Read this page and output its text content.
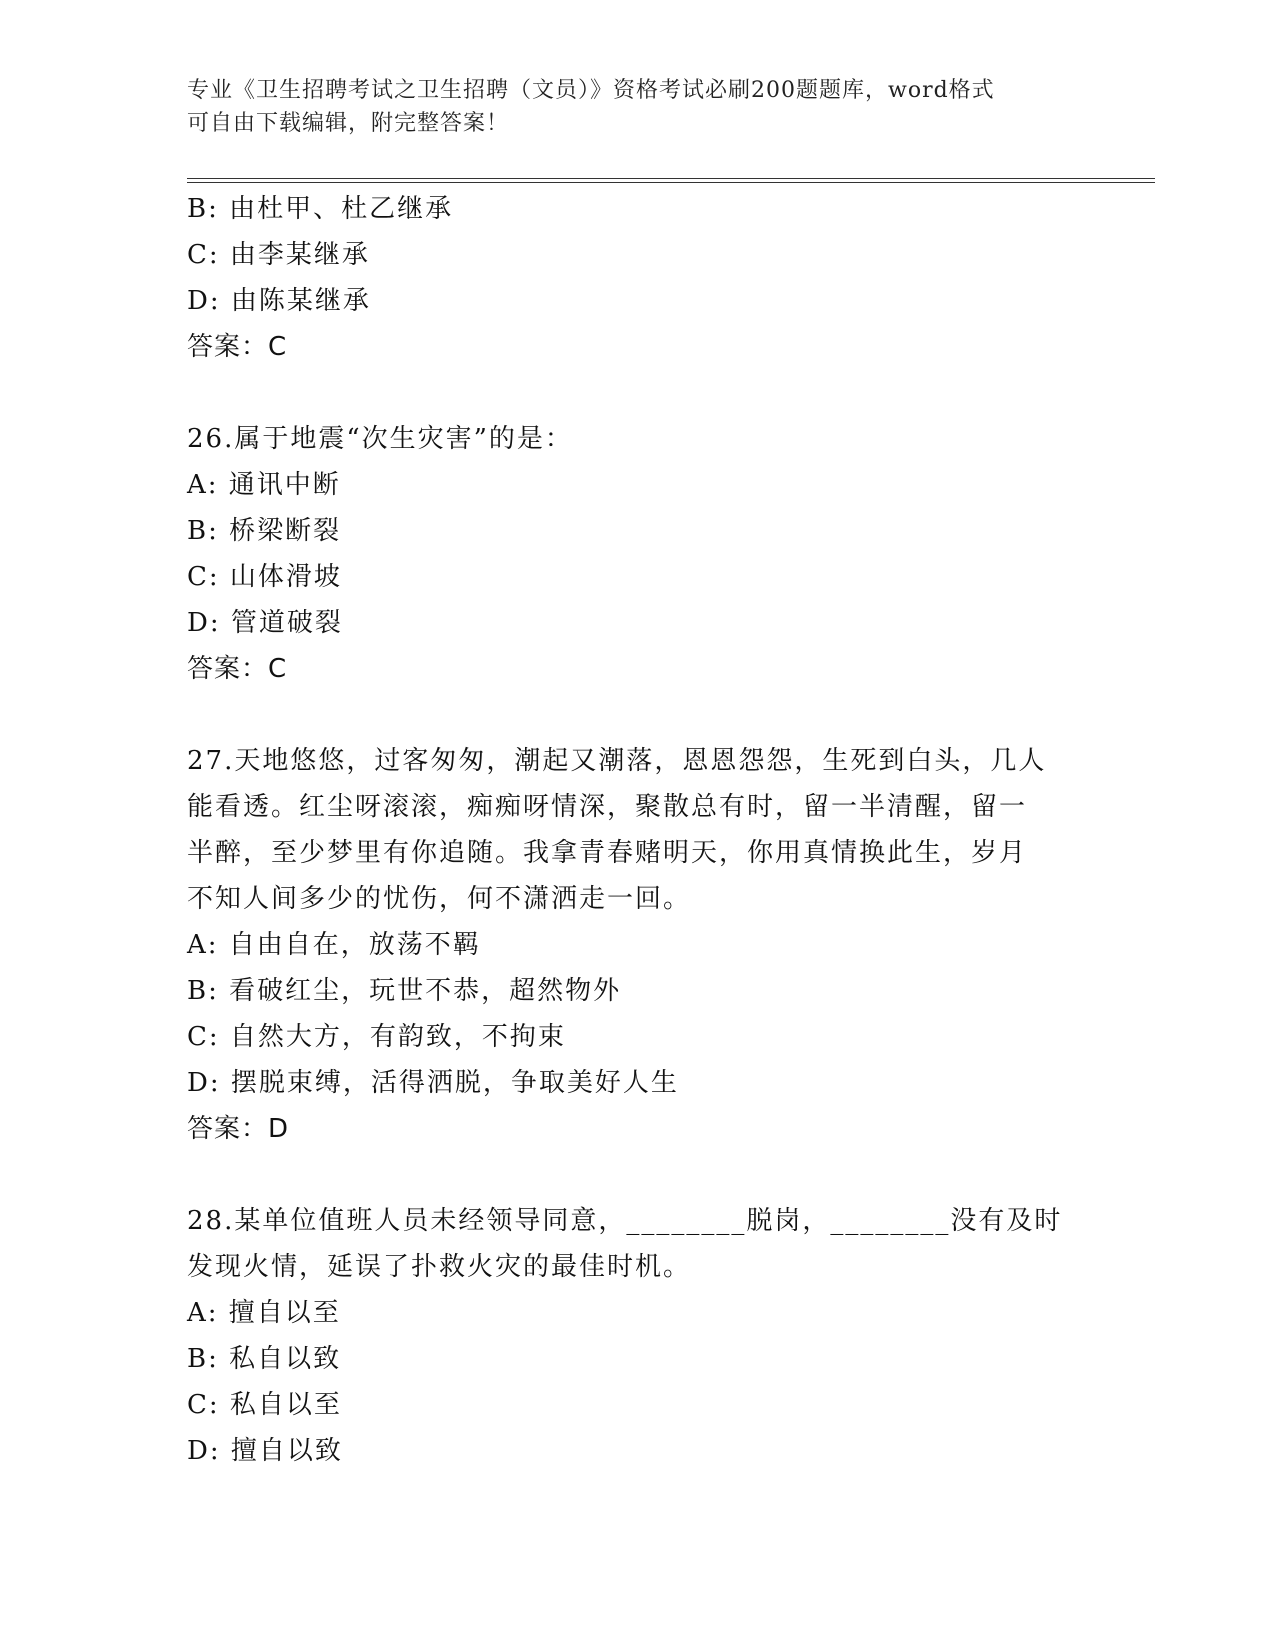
专业《卫生招聘考试之卫生招聘（文员）》资格考试必刷200题题库，word格式
可自由下载编辑，附完整答案！
B: 由杜甲、杜乙继承
C: 由李某继承
D: 由陈某继承
答案：C
26.属于地震“次生灾害”的是：
A: 通讯中断
B: 桥梁断裂
C: 山体滑坡
D: 管道破裂
答案：C
27.天地悠悠，过客匆匆，潮起又潮落，恩恩怨怨，生死到白头，几人
能看透。红尘呀滚滚，痴痴呀情深，聚散总有时，留一半清醒，留一
半醉，至少梦里有你追随。我拿青春赌明天，你用真情换此生，岁月
不知人间多少的忧伤，何不潇洒走一回。
A: 自由自在，放荡不羁
B: 看破红尘，玩世不恭，超然物外
C: 自然大方，有韵致，不拘束
D: 摆脱束缚，活得洒脱，争取美好人生
答案：D
28.某单位值班人员未经领导同意，________脱岗，________没有及时
发现火情，延误了扑救火灾的最佳时机。
A: 擅自以至
B: 私自以致
C: 私自以至
D: 擅自以致
